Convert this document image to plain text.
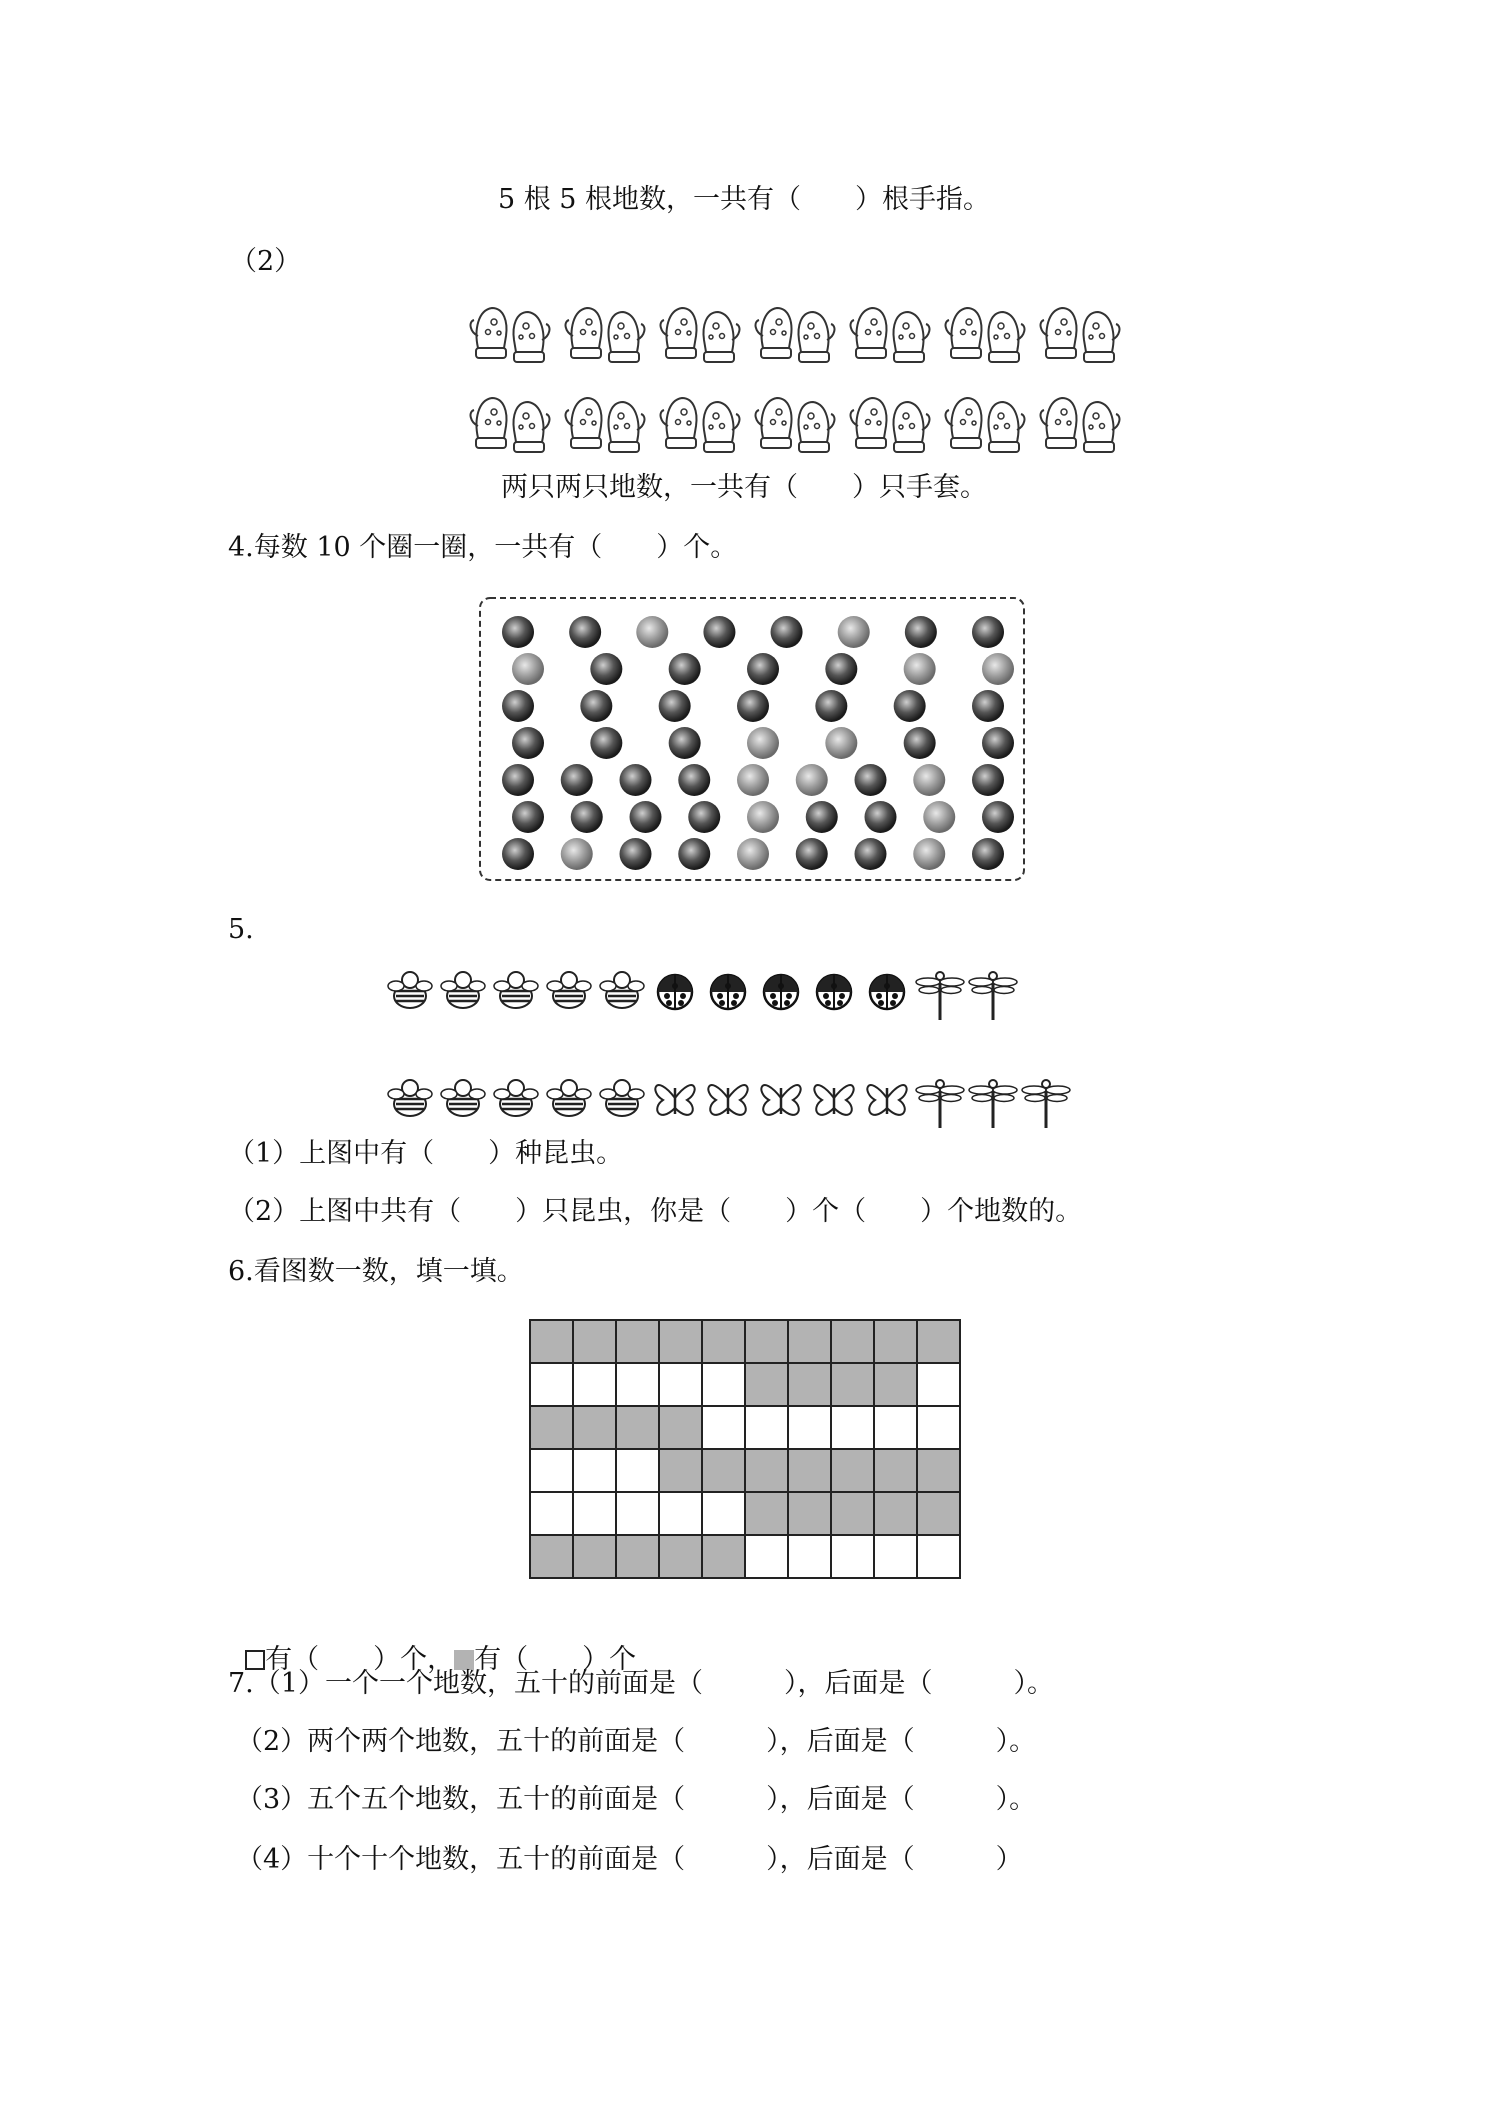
5 根 5 根地数，一共有（　　）根手指。
（2）
两只两只地数，一共有（　　）只手套。
4.每数 10 个圈一圈，一共有（　　）个。
5.
（1）上图中有（　　）种昆虫。
（2）上图中共有（　　）只昆虫，你是（　　）个（　　）个地数的。
6.看图数一数，填一填。

有（　　）个， 有（　　）个

7.（1）一个一个地数，五十的前面是（　　　），后面是（　　　）。
（2）两个两个地数，五十的前面是（　　　），后面是（　　　）。
（3）五个五个地数，五十的前面是（　　　），后面是（　　　）。
（4）十个十个地数，五十的前面是（　　　），后面是（　　　）
